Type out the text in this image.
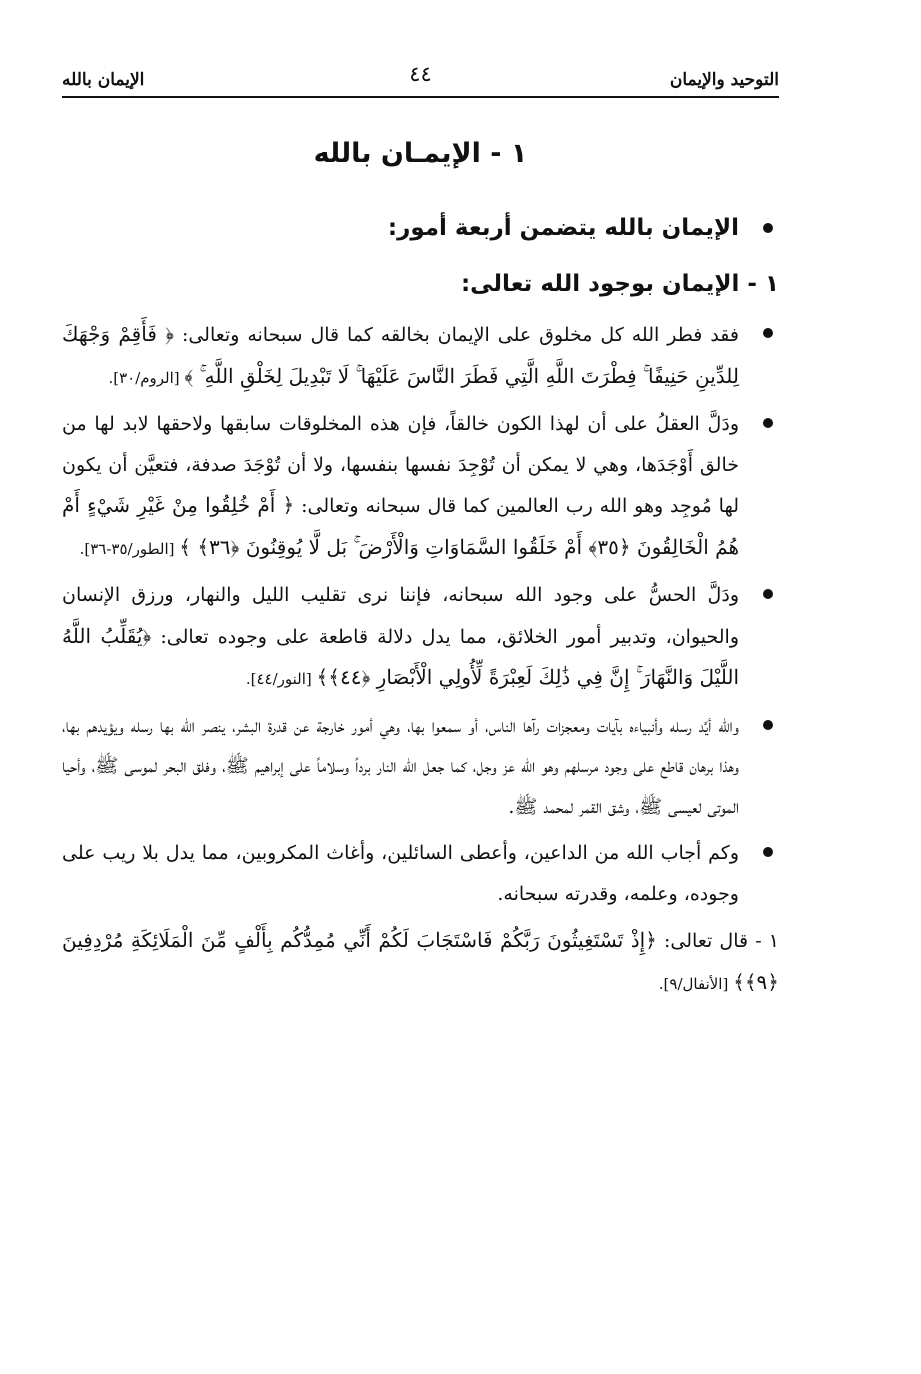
التوحيد والإيمان
٤٤
الإيمان بالله
١ - الإيمـان بالله
الإيمان بالله يتضمن أربعة أمور:
١ - الإيمان بوجود الله تعالى:
فقد فطر الله كل مخلوق على الإيمان بخالقه كما قال سبحانه وتعالى: ﴿ فَأَقِمْ وَجْهَكَ لِلدِّينِ حَنِيفًا ۚ فِطْرَتَ اللَّهِ الَّتِي فَطَرَ النَّاسَ عَلَيْهَا ۚ لَا تَبْدِيلَ لِخَلْقِ اللَّهِ ۚ ﴾ [الروم/٣٠].
ودَلَّ العقلُ على أن لهذا الكون خالقاً، فإن هذه المخلوقات سابقها ولاحقها لابد لها من خالق أَوْجَدَها، وهي لا يمكن أن تُوْجِدَ نفسها بنفسها، ولا أن تُوْجَدَ صدفة، فتعيَّن أن يكون لها مُوجِد وهو الله رب العالمين كما قال سبحانه وتعالى: ﴿ أَمْ خُلِقُوا مِنْ غَيْرِ شَيْءٍ أَمْ هُمُ الْخَالِقُونَ ﴿٣٥﴾ أَمْ خَلَقُوا السَّمَاوَاتِ وَالْأَرْضَ ۚ بَل لَّا يُوقِنُونَ ﴿٣٦﴾ ﴾ [الطور/٣٥-٣٦].
ودَلَّ الحسُّ على وجود الله سبحانه، فإننا نرى تقليب الليل والنهار، ورزق الإنسان والحيوان، وتدبير أمور الخلائق، مما يدل دلالة قاطعة على وجوده تعالى: ﴿يُقَلِّبُ اللَّهُ اللَّيْلَ وَالنَّهَارَ ۚ إِنَّ فِي ذَٰلِكَ لَعِبْرَةً لِّأُولِي الْأَبْصَارِ ﴿٤٤﴾﴾ [النور/٤٤].
والله أيَّد رسله وأنبياءه بآيات ومعجزات رآها الناس، أو سمعوا بها، وهي أمور خارجة عن قدرة البشر، ينصر الله بها رسله ويؤيدهم بها، وهذا برهان قاطع على وجود مرسلهم وهو الله عز وجل، كما جعل الله النار برداً وسلاماً على إبراهيم ﷺ، وفلق البحر لموسى ﷺ، وأحيا الموتى لعيسى ﷺ، وشق القمر لمحمد ﷺ.
وكم أجاب الله من الداعين، وأعطى السائلين، وأغاث المكروبين، مما يدل بلا ريب على وجوده، وعلمه، وقدرته سبحانه.
١ - قال تعالى: ﴿إِذْ تَسْتَغِيثُونَ رَبَّكُمْ فَاسْتَجَابَ لَكُمْ أَنِّي مُمِدُّكُم بِأَلْفٍ مِّنَ الْمَلَائِكَةِ مُرْدِفِينَ ﴿٩﴾﴾ [الأنفال/٩].
